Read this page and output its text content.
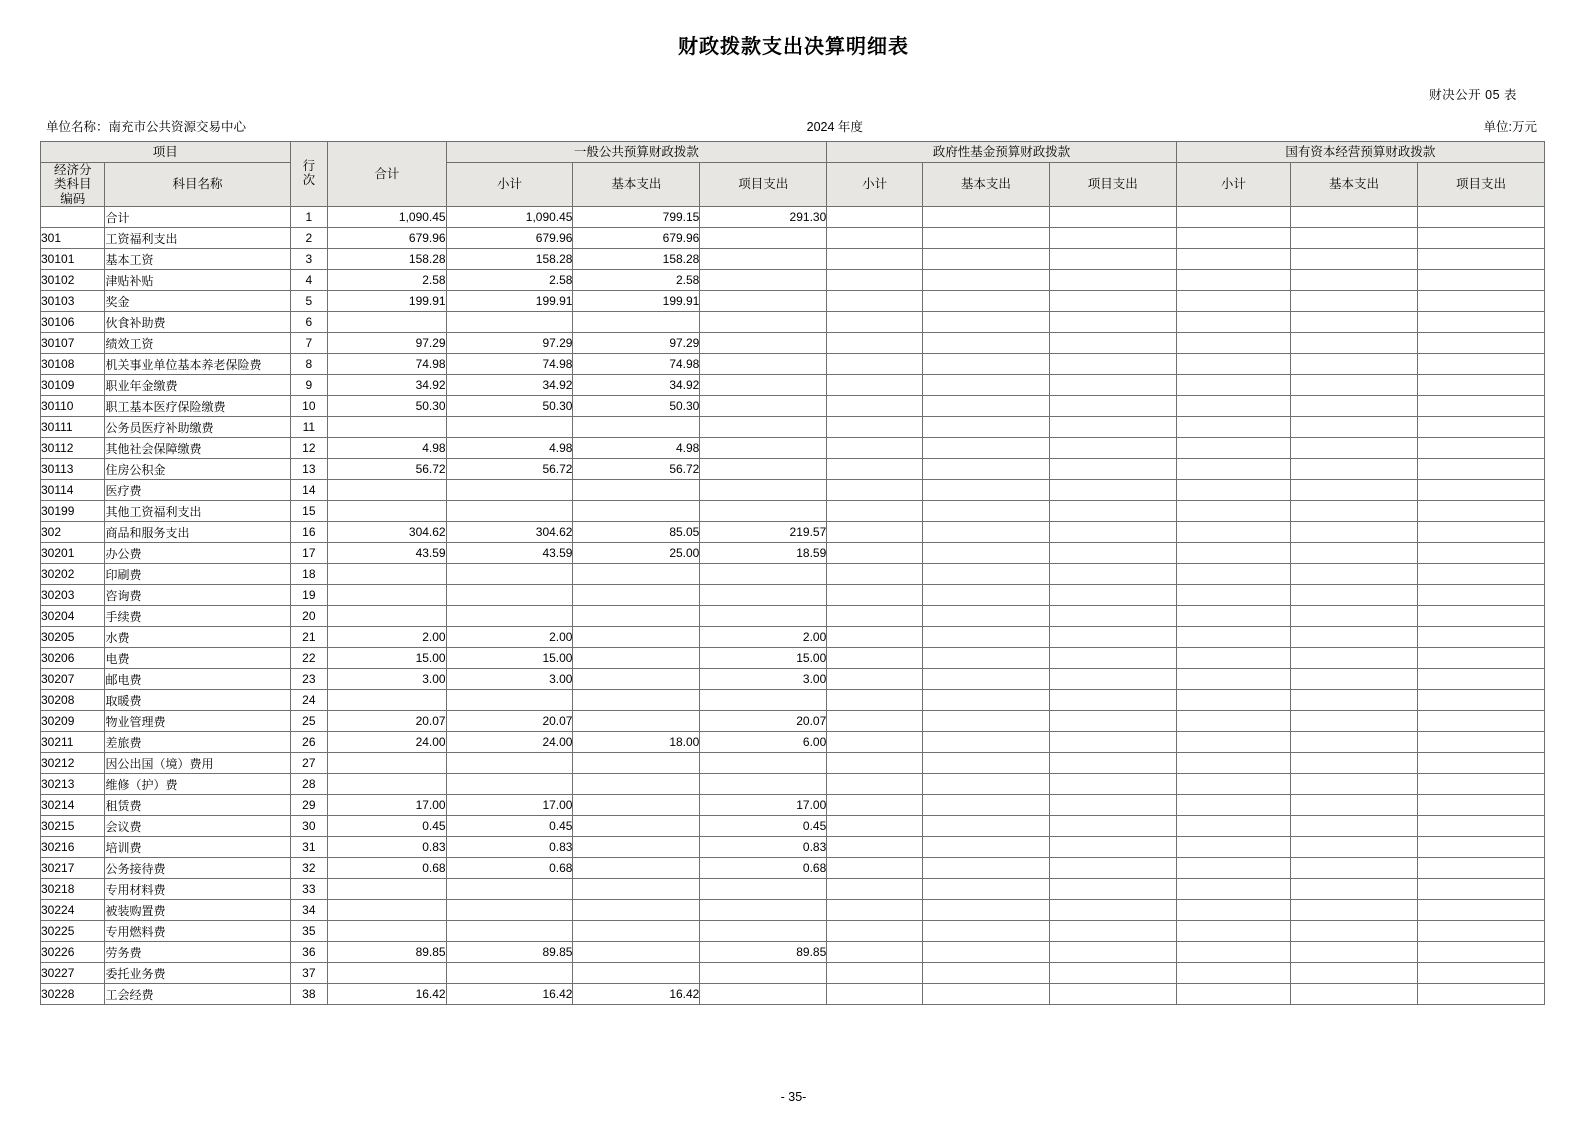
财政拨款支出决算明细表
财决公开 05 表
单位名称：南充市公共资源交易中心	2024 年度	单位:万元
项目		行
次	合计	一般公共预算财政拨款			政府性基金预算财政拨款			国有资本经营预算财政拨款		
经济分
类科目
编码	科目名称			小计	基本支出	项目支出	小计	基本支出	项目支出	小计	基本支出	项目支出
	合计	1	1,090.45	1,090.45	799.15	291.30						
301	工资福利支出	2	679.96	679.96	679.96							
30101	基本工资	3	158.28	158.28	158.28							
30102	津贴补贴	4	2.58	2.58	2.58							
30103	奖金	5	199.91	199.91	199.91							
30106	伙食补助费	6										
30107	绩效工资	7	97.29	97.29	97.29							
30108	机关事业单位基本养老保险费	8	74.98	74.98	74.98							
30109	职业年金缴费	9	34.92	34.92	34.92							
30110	职工基本医疗保险缴费	10	50.30	50.30	50.30							
30111	公务员医疗补助缴费	11										
30112	其他社会保障缴费	12	4.98	4.98	4.98							
30113	住房公积金	13	56.72	56.72	56.72							
30114	医疗费	14										
30199	其他工资福利支出	15										
302	商品和服务支出	16	304.62	304.62	85.05	219.57						
30201	办公费	17	43.59	43.59	25.00	18.59						
30202	印刷费	18										
30203	咨询费	19										
30204	手续费	20										
30205	水费	21	2.00	2.00		2.00						
30206	电费	22	15.00	15.00		15.00						
30207	邮电费	23	3.00	3.00		3.00						
30208	取暖费	24										
30209	物业管理费	25	20.07	20.07		20.07						
30211	差旅费	26	24.00	24.00	18.00	6.00						
30212	因公出国（境）费用	27										
30213	维修（护）费	28										
30214	租赁费	29	17.00	17.00		17.00						
30215	会议费	30	0.45	0.45		0.45						
30216	培训费	31	0.83	0.83		0.83						
30217	公务接待费	32	0.68	0.68		0.68						
30218	专用材料费	33										
30224	被装购置费	34										
30225	专用燃料费	35										
30226	劳务费	36	89.85	89.85		89.85						
30227	委托业务费	37										
30228	工会经费	38	16.42	16.42	16.42							
- 35-
